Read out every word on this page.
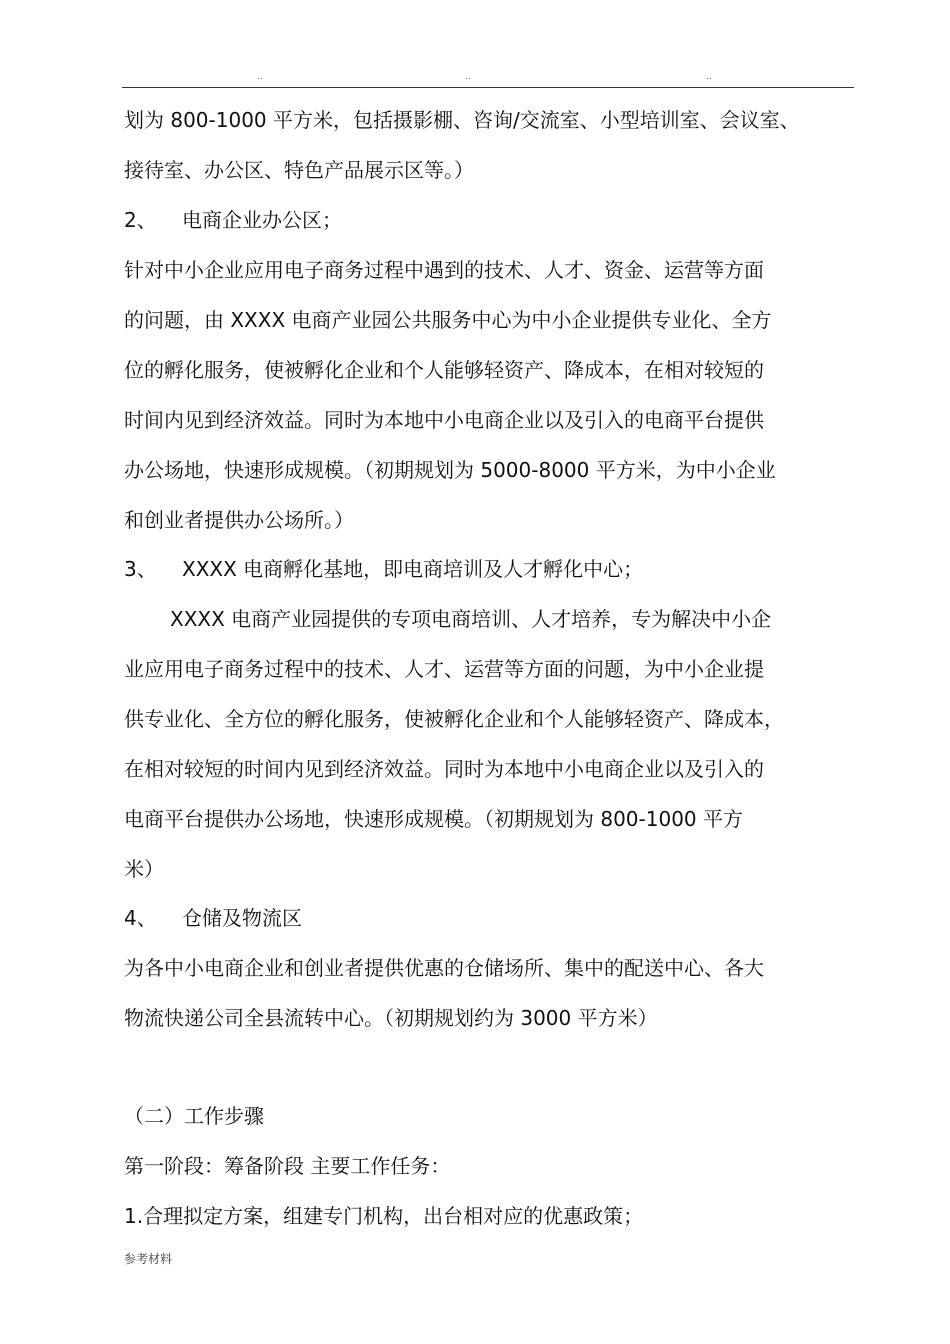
..	..	..
划为 800-1000 平方米，包括摄影棚、咨询/交流室、小型培训室、会议室、
接待室、办公区、特色产品展示区等。）
2、 电商企业办公区；
针对中小企业应用电子商务过程中遇到的技术、人才、资金、运营等方面
的问题，由 XXXX 电商产业园公共服务中心为中小企业提供专业化、全方
位的孵化服务，使被孵化企业和个人能够轻资产、降成本，在相对较短的
时间内见到经济效益。同时为本地中小电商企业以及引入的电商平台提供
办公场地，快速形成规模。（初期规划为 5000-8000 平方米，为中小企业
和创业者提供办公场所。）
3、 XXXX 电商孵化基地，即电商培训及人才孵化中心；
XXXX 电商产业园提供的专项电商培训、人才培养，专为解决中小企
业应用电子商务过程中的技术、人才、运营等方面的问题，为中小企业提
供专业化、全方位的孵化服务，使被孵化企业和个人能够轻资产、降成本，
在相对较短的时间内见到经济效益。同时为本地中小电商企业以及引入的
电商平台提供办公场地，快速形成规模。（初期规划为 800-1000 平方
米）
4、 仓储及物流区
为各中小电商企业和创业者提供优惠的仓储场所、集中的配送中心、各大
物流快递公司全县流转中心。（初期规划约为 3000 平方米）
（二）工作步骤
第一阶段：筹备阶段 主要工作任务：
1.合理拟定方案，组建专门机构，出台相对应的优惠政策；
参考材料
